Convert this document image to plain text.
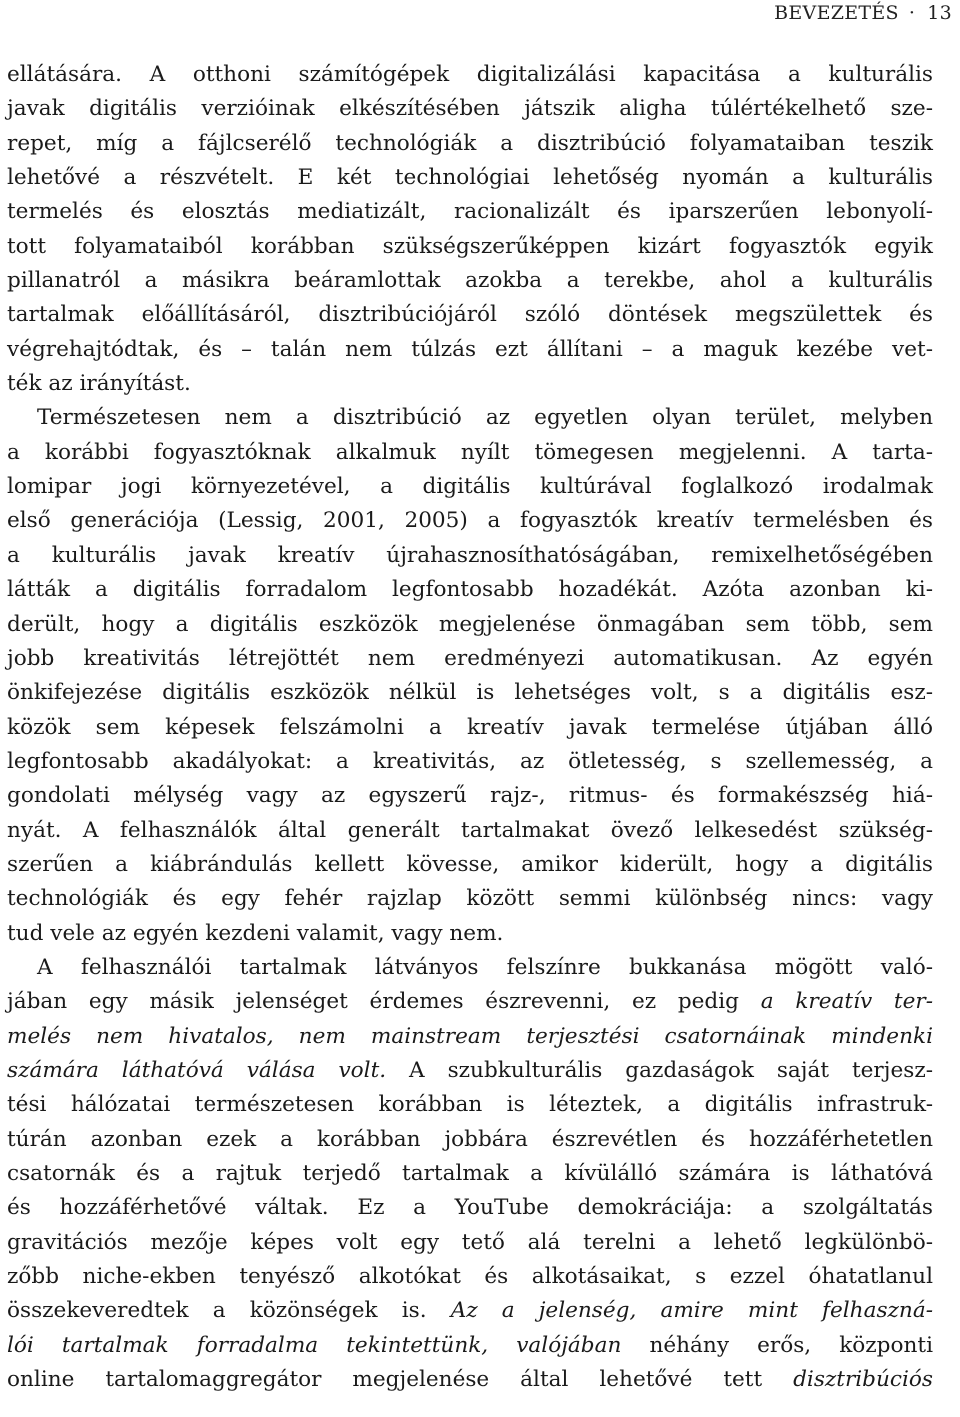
BEVEZETÉS · 13
ellátására. A otthoni számítógépek digitalizálási kapacitása a kulturális
javak digitális verzióinak elkészítésében játszik aligha túlértékelhető sze-
repet, míg a fájlcserélő technológiák a disztribúció folyamataiban teszik
lehetővé a részvételt. E két technológiai lehetőség nyomán a kulturális
termelés és elosztás mediatizált, racionalizált és iparszerűen lebonyolí-
tott folyamataiból korábban szükségszerűképpen kizárt fogyasztók egyik
pillanatról a másikra beáramlottak azokba a terekbe, ahol a kulturális
tartalmak előállításáról, disztribúciójáról szóló döntések megszülettek és
végrehajtódtak, és – talán nem túlzás ezt állítani – a maguk kezébe vet-
ték az irányítást.
Természetesen nem a disztribúció az egyetlen olyan terület, melyben
a korábbi fogyasztóknak alkalmuk nyílt tömegesen megjelenni. A tarta-
lomipar jogi környezetével, a digitális kultúrával foglalkozó irodalmak
első generációja (Lessig, 2001, 2005) a fogyasztók kreatív termelésben és
a kulturális javak kreatív újrahasznosíthatóságában, remixelhetőségében
látták a digitális forradalom legfontosabb hozadékát. Azóta azonban ki-
derült, hogy a digitális eszközök megjelenése önmagában sem több, sem
jobb kreativitás létrejöttét nem eredményezi automatikusan. Az egyén
önkifejezése digitális eszközök nélkül is lehetséges volt, s a digitális esz-
közök sem képesek felszámolni a kreatív javak termelése útjában álló
legfontosabb akadályokat: a kreativitás, az ötletesség, s szellemesség, a
gondolati mélység vagy az egyszerű rajz-, ritmus- és formakészség hiá-
nyát. A felhasználók által generált tartalmakat övező lelkesedést szükség-
szerűen a kiábrándulás kellett kövesse, amikor kiderült, hogy a digitális
technológiák és egy fehér rajzlap között semmi különbség nincs: vagy
tud vele az egyén kezdeni valamit, vagy nem.
A felhasználói tartalmak látványos felszínre bukkanása mögött való-
jában egy másik jelenséget érdemes észrevenni, ez pedig a kreatív ter-
melés nem hivatalos, nem mainstream terjesztési csatornáinak mindenki
számára láthatóvá válása volt. A szubkulturális gazdaságok saját terjesz-
tési hálózatai természetesen korábban is léteztek, a digitális infrastruk-
túrán azonban ezek a korábban jobbára észrevétlen és hozzáférhetetlen
csatornák és a rajtuk terjedő tartalmak a kívülálló számára is láthatóvá
és hozzáférhetővé váltak. Ez a YouTube demokráciája: a szolgáltatás
gravitációs mezője képes volt egy tető alá terelni a lehető legkülönbö-
zőbb niche-ekben tenyésző alkotókat és alkotásaikat, s ezzel óhatatlanul
összekeveredtek a közönségek is. Az a jelenség, amire mint felhaszná-
lói tartalmak forradalma tekintettünk, valójában néhány erős, központi
online tartalomaggregátor megjelenése által lehetővé tett disztribúciós
